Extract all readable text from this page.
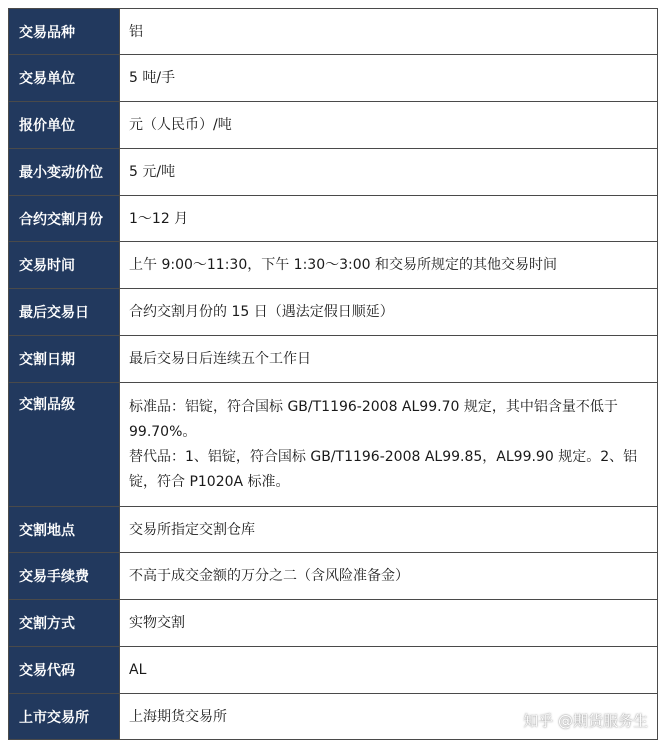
交易品种	铝
交易单位	5 吨/手
报价单位	元（人民币）/吨
最小变动价位	5 元/吨
合约交割月份	1～12 月
交易时间	上午 9:00～11:30，下午 1:30～3:00 和交易所规定的其他交易时间
最后交易日	合约交割月份的 15 日（遇法定假日顺延）
交割日期	最后交易日后连续五个工作日
交割品级	标准品：铝锭，符合国标 GB/T1196-2008 AL99.70 规定，其中铝含量不低于 99.70%。
替代品：1、铝锭，符合国标 GB/T1196-2008 AL99.85，AL99.90 规定。2、铝锭，符合 P1020A 标准。

交割地点	交易所指定交割仓库
交易手续费	不高于成交金额的万分之二（含风险准备金）
交割方式	实物交割
交易代码	AL
上市交易所	上海期货交易所	知乎 @期货服务生
